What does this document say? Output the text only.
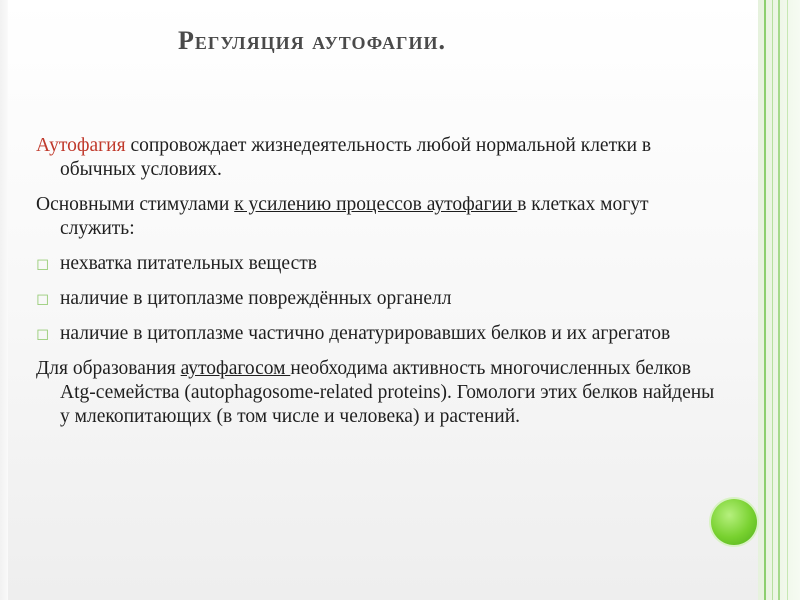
Регуляция аутофагии.

Аутофагия сопровождает жизнедеятельность любой нормальной клетки в обычных условиях.

Основными стимулами к усилению процессов аутофагии в клетках могут служить:

◻ нехватка питательных веществ
◻ наличие в цитоплазме повреждённых органелл
◻ наличие в цитоплазме частично денатурировавших белков и их агрегатов

Для образования аутофагосом необходима активность многочисленных белков Atg-семейства (autophagosome-related proteins). Гомологи этих белков найдены у млекопитающих (в том числе и человека) и растений.
